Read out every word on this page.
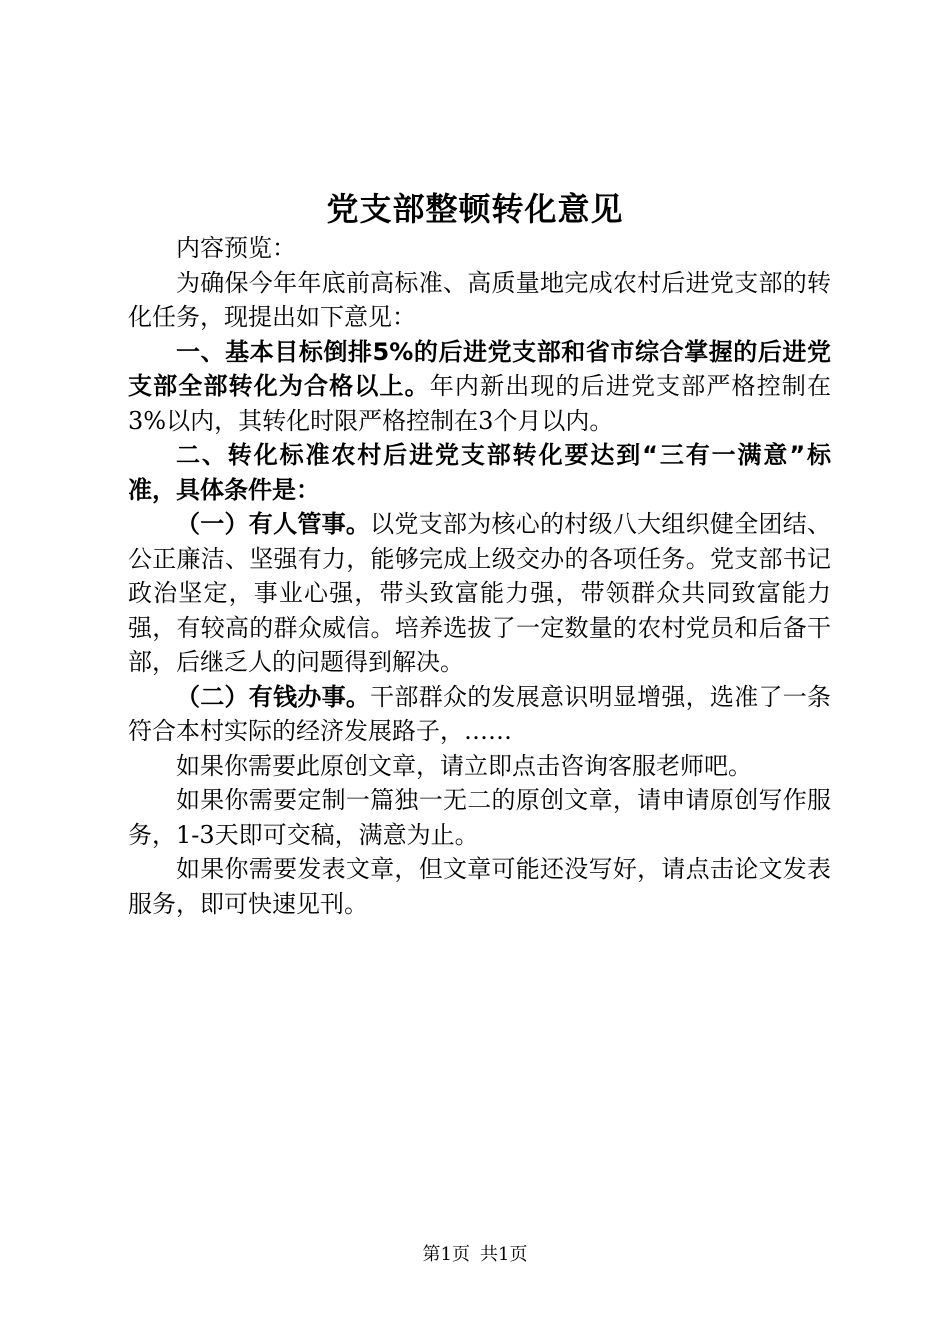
党支部整顿转化意见

内容预览：

为确保今年年底前高标准、高质量地完成农村后进党支部的转化任务，现提出如下意见：

一、基本目标倒排5%的后进党支部和省市综合掌握的后进党支部全部转化为合格以上。年内新出现的后进党支部严格控制在3%以内，其转化时限严格控制在3个月以内。

二、转化标准农村后进党支部转化要达到“三有一满意”标准，具体条件是：

（一）有人管事。以党支部为核心的村级八大组织健全团结、公正廉洁、坚强有力，能够完成上级交办的各项任务。党支部书记政治坚定，事业心强，带头致富能力强，带领群众共同致富能力强，有较高的群众威信。培养选拔了一定数量的农村党员和后备干部，后继乏人的问题得到解决。

（二）有钱办事。干部群众的发展意识明显增强，选准了一条符合本村实际的经济发展路子，……

如果你需要此原创文章，请立即点击咨询客服老师吧。

如果你需要定制一篇独一无二的原创文章，请申请原创写作服务，1-3天即可交稿，满意为止。

如果你需要发表文章，但文章可能还没写好，请点击论文发表服务，即可快速见刊。

第1页 共1页
